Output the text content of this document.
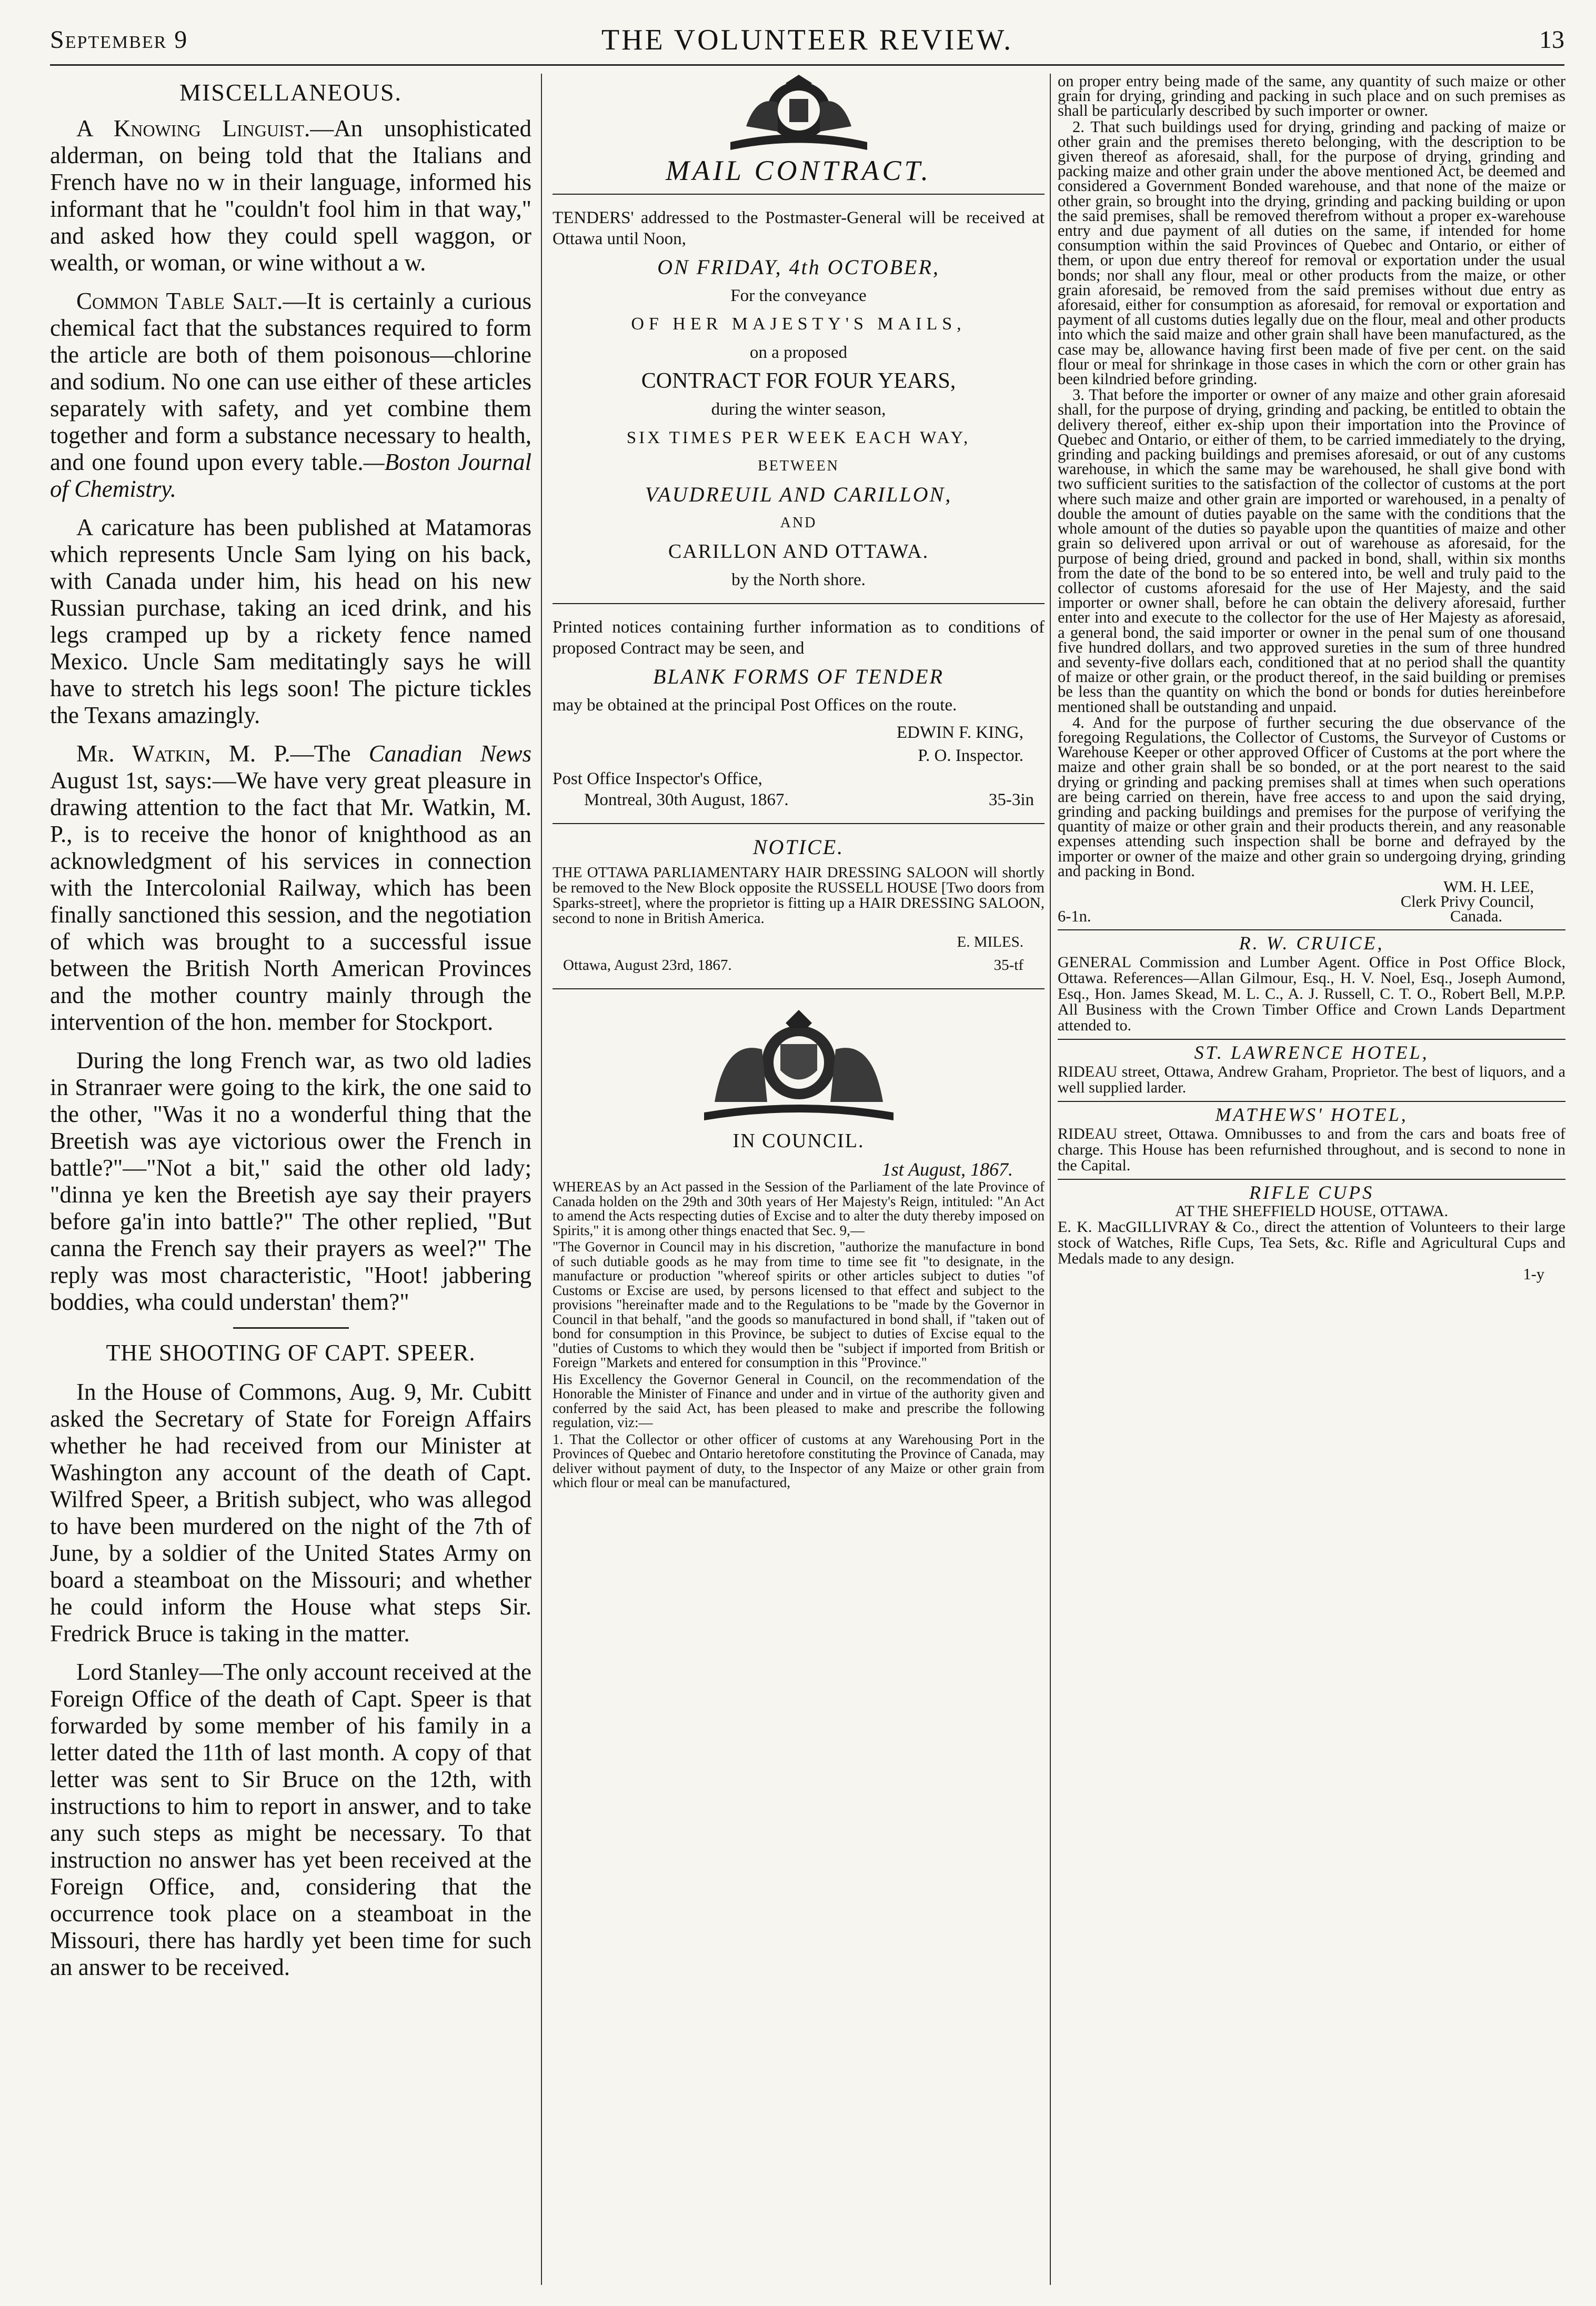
September 9	THE VOLUNTEER REVIEW.	13
MISCELLANEOUS.

A Knowing Linguist.—An unsophisticated alderman, on being told that the Italians and French have no w in their language, informed his informant that he "couldn't fool him in that way," and asked how they could spell waggon, or wealth, or woman, or wine without a w.

Common Table Salt.—It is certainly a curious chemical fact that the substances required to form the article are both of them poisonous—chlorine and sodium. No one can use either of these articles separately with safety, and yet combine them together and form a substance necessary to health, and one found upon every table.—Boston Journal of Chemistry.

A caricature has been published at Matamoras which represents Uncle Sam lying on his back, with Canada under him, his head on his new Russian purchase, taking an iced drink, and his legs cramped up by a rickety fence named Mexico. Uncle Sam meditatingly says he will have to stretch his legs soon! The picture tickles the Texans amazingly.

Mr. Watkin, M. P.—The Canadian News August 1st, says:—We have very great pleasure in drawing attention to the fact that Mr. Watkin, M. P., is to receive the honor of knighthood as an acknowledgment of his services in connection with the Intercolonial Railway, which has been finally sanctioned this session, and the negotiation of which was brought to a successful issue between the British North American Provinces and the mother country mainly through the intervention of the hon. member for Stockport.

During the long French war, as two old ladies in Stranraer were going to the kirk, the one said to the other, "Was it no a wonderful thing that the Breetish was aye victorious ower the French in battle?"—"Not a bit," said the other old lady; "dinna ye ken the Breetish aye say their prayers before ga'in into battle?" The other replied, "But canna the French say their prayers as weel?" The reply was most characteristic, "Hoot! jabbering boddies, wha could understan' them?"

THE SHOOTING OF CAPT. SPEER.

In the House of Commons, Aug. 9, Mr. Cubitt asked the Secretary of State for Foreign Affairs whether he had received from our Minister at Washington any account of the death of Capt. Wilfred Speer, a British subject, who was allegod to have been murdered on the night of the 7th of June, by a soldier of the United States Army on board a steamboat on the Missouri; and whether he could inform the House what steps Sir. Fredrick Bruce is taking in the matter.

Lord Stanley—The only account received at the Foreign Office of the death of Capt. Speer is that forwarded by some member of his family in a letter dated the 11th of last month. A copy of that letter was sent to Sir Bruce on the 12th, with instructions to him to report in answer, and to take any such steps as might be necessary. To that instruction no answer has yet been received at the Foreign Office, and, considering that the occurrence took place on a steamboat in the Missouri, there has hardly yet been time for such an answer to be received.

MAIL CONTRACT.

TENDERS' addressed to the Postmaster-General will be received at Ottawa until Noon,

ON FRIDAY, 4th OCTOBER,
For the conveyance
OF HER MAJESTY'S MAILS,
on a proposed
CONTRACT FOR FOUR YEARS,
during the winter season,
SIX TIMES PER WEEK EACH WAY,
BETWEEN
VAUDREUIL AND CARILLON,
AND
CARILLON AND OTTAWA.
by the North shore.

Printed notices containing further information as to conditions of proposed Contract may be seen, and

BLANK FORMS OF TENDER

may be obtained at the principal Post Offices on the route.

EDWIN F. KING,
P. O. Inspector.
Post Office Inspector's Office,
Montreal, 30th August, 1867.	35-3in
NOTICE.
THE OTTAWA PARLIAMENTARY HAIR DRESSING SALOON will shortly be removed to the New Block opposite the RUSSELL HOUSE [Two doors from Sparks-street], where the proprietor is fitting up a HAIR DRESSING SALOON, second to none in British America.
E. MILES.
Ottawa, August 23rd, 1867.	35-tf
IN COUNCIL.
1st August, 1867.

WHEREAS by an Act passed in the Session of the Parliament of the late Province of Canada holden on the 29th and 30th years of Her Majesty's Reign, intituled: "An Act to amend the Acts respecting duties of Excise and to alter the duty thereby imposed on Spirits," it is among other things enacted that Sec. 9,—

"The Governor in Council may in his discretion, "authorize the manufacture in bond of such dutiable goods as he may from time to time see fit "to designate, in the manufacture or production "whereof spirits or other articles subject to duties "of Customs or Excise are used, by persons licensed to that effect and subject to the provisions "hereinafter made and to the Regulations to be "made by the Governor in Council in that behalf, "and the goods so manufactured in bond shall, if "taken out of bond for consumption in this Province, be subject to duties of Excise equal to the "duties of Customs to which they would then be "subject if imported from British or Foreign "Markets and entered for consumption in this "Province."

His Excellency the Governor General in Council, on the recommendation of the Honorable the Minister of Finance and under and in virtue of the authority given and conferred by the said Act, has been pleased to make and prescribe the following regulation, viz:—

1. That the Collector or other officer of customs at any Warehousing Port in the Provinces of Quebec and Ontario heretofore constituting the Province of Canada, may deliver without payment of duty, to the Inspector of any Maize or other grain from which flour or meal can be manufactured,

on proper entry being made of the same, any quantity of such maize or other grain for drying, grinding and packing in such place and on such premises as shall be particularly described by such importer or owner.

2. That such buildings used for drying, grinding and packing of maize or other grain and the premises thereto belonging, with the description to be given thereof as aforesaid, shall, for the purpose of drying, grinding and packing maize and other grain under the above mentioned Act, be deemed and considered a Government Bonded warehouse, and that none of the maize or other grain, so brought into the drying, grinding and packing building or upon the said premises, shall be removed therefrom without a proper ex-warehouse entry and due payment of all duties on the same, if intended for home consumption within the said Provinces of Quebec and Ontario, or either of them, or upon due entry thereof for removal or exportation under the usual bonds; nor shall any flour, meal or other products from the maize, or other grain aforesaid, be removed from the said premises without due entry as aforesaid, either for consumption as aforesaid, for removal or exportation and payment of all customs duties legally due on the flour, meal and other products into which the said maize and other grain shall have been manufactured, as the case may be, allowance having first been made of five per cent. on the said flour or meal for shrinkage in those cases in which the corn or other grain has been kilndried before grinding.

3. That before the importer or owner of any maize and other grain aforesaid shall, for the purpose of drying, grinding and packing, be entitled to obtain the delivery thereof, either ex-ship upon their importation into the Province of Quebec and Ontario, or either of them, to be carried immediately to the drying, grinding and packing buildings and premises aforesaid, or out of any customs warehouse, in which the same may be warehoused, he shall give bond with two sufficient surities to the satisfaction of the collector of customs at the port where such maize and other grain are imported or warehoused, in a penalty of double the amount of duties payable on the same with the conditions that the whole amount of the duties so payable upon the quantities of maize and other grain so delivered upon arrival or out of warehouse as aforesaid, for the purpose of being dried, ground and packed in bond, shall, within six months from the date of the bond to be so entered into, be well and truly paid to the collector of customs aforesaid for the use of Her Majesty, and the said importer or owner shall, before he can obtain the delivery aforesaid, further enter into and execute to the collector for the use of Her Majesty as aforesaid, a general bond, the said importer or owner in the penal sum of one thousand five hundred dollars, and two approved sureties in the sum of three hundred and seventy-five dollars each, conditioned that at no period shall the quantity of maize or other grain, or the product thereof, in the said building or premises be less than the quantity on which the bond or bonds for duties hereinbefore mentioned shall be outstanding and unpaid.

4. And for the purpose of further securing the due observance of the foregoing Regulations, the Collector of Customs, the Surveyor of Customs or Warehouse Keeper or other approved Officer of Customs at the port where the maize and other grain shall be so bonded, or at the port nearest to the said drying or grinding and packing premises shall at times when such operations are being carried on therein, have free access to and upon the said drying, grinding and packing buildings and premises for the purpose of verifying the quantity of maize or other grain and their products therein, and any reasonable expenses attending such inspection shall be borne and defrayed by the importer or owner of the maize and other grain so undergoing drying, grinding and packing in Bond.

WM. H. LEE,
Clerk Privy Council,
6-1n.	Canada.
R. W. CRUICE,
GENERAL Commission and Lumber Agent. Office in Post Office Block, Ottawa. References—Allan Gilmour, Esq., H. V. Noel, Esq., Joseph Aumond, Esq., Hon. James Skead, M. L. C., A. J. Russell, C. T. O., Robert Bell, M.P.P. All Business with the Crown Timber Office and Crown Lands Department attended to.
ST. LAWRENCE HOTEL,
RIDEAU street, Ottawa, Andrew Graham, Proprietor. The best of liquors, and a well supplied larder.
MATHEWS' HOTEL,
RIDEAU street, Ottawa. Omnibusses to and from the cars and boats free of charge. This House has been refurnished throughout, and is second to none in the Capital.
RIFLE CUPS
AT THE SHEFFIELD HOUSE, OTTAWA.
E. K. MacGILLIVRAY & Co., direct the attention of Volunteers to their large stock of Watches, Rifle Cups, Tea Sets, &c. Rifle and Agricultural Cups and Medals made to any design.
1-y
